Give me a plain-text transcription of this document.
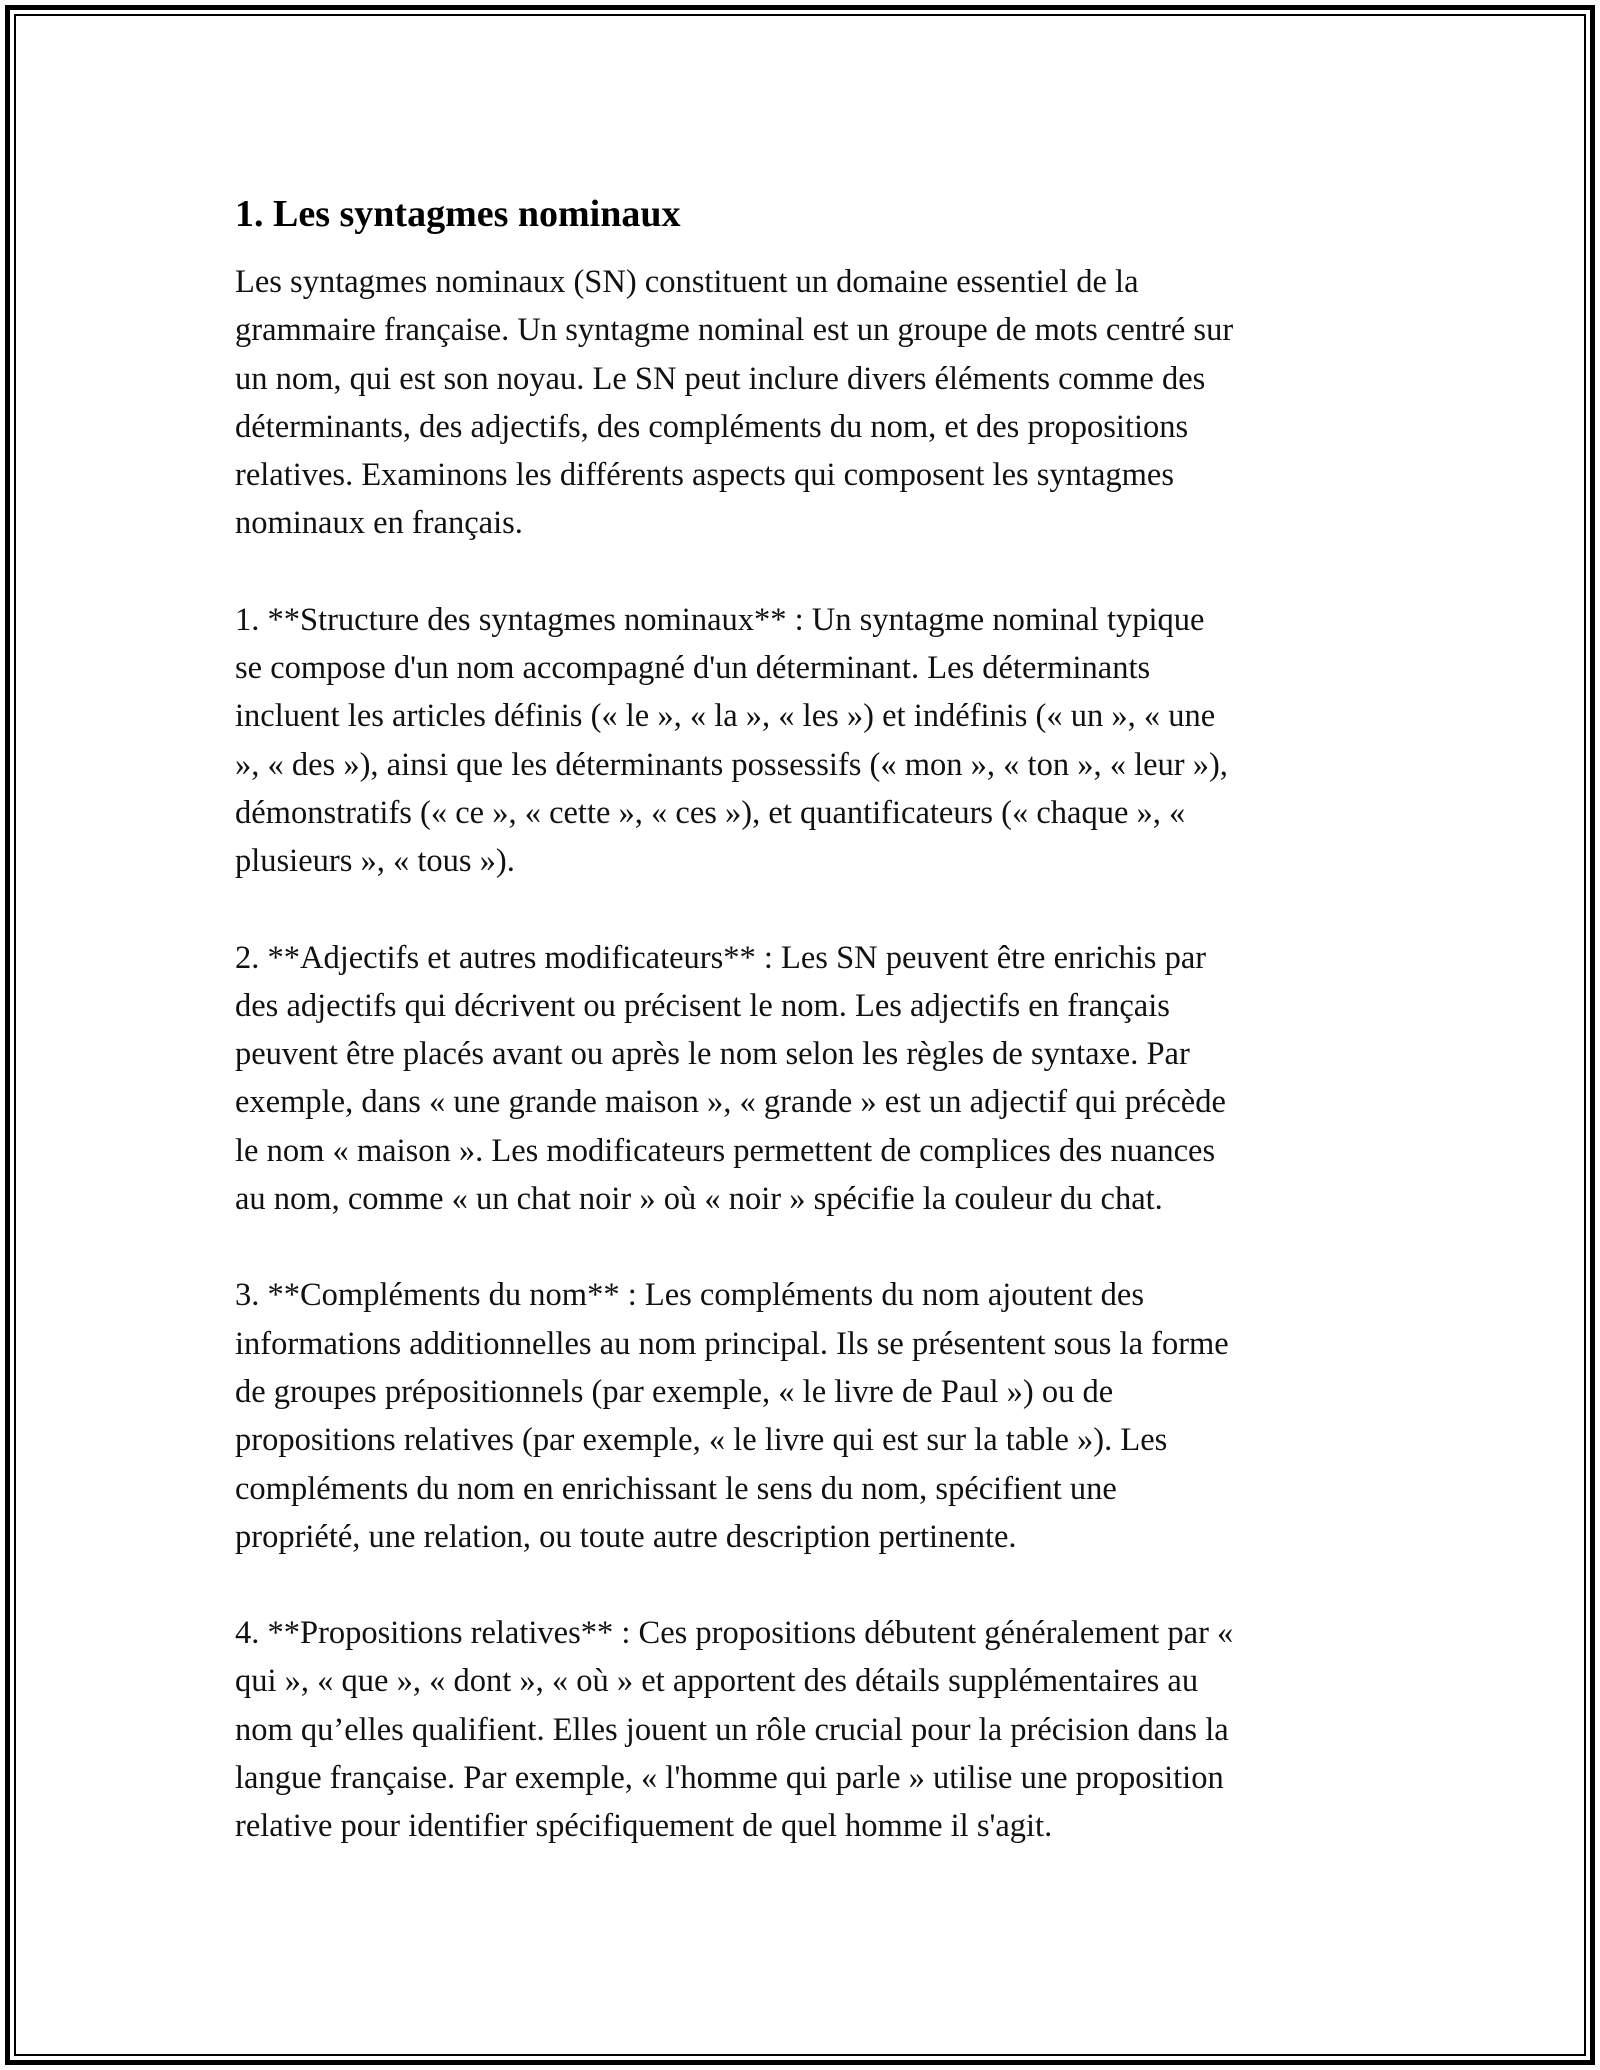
1. Les syntagmes nominaux

Les syntagmes nominaux (SN) constituent un domaine essentiel de la
grammaire française. Un syntagme nominal est un groupe de mots centré sur
un nom, qui est son noyau. Le SN peut inclure divers éléments comme des
déterminants, des adjectifs, des compléments du nom, et des propositions
relatives. Examinons les différents aspects qui composent les syntagmes
nominaux en français.

1. **Structure des syntagmes nominaux** : Un syntagme nominal typique
se compose d'un nom accompagné d'un déterminant. Les déterminants
incluent les articles définis (« le », « la », « les ») et indéfinis (« un », « une
», « des »), ainsi que les déterminants possessifs (« mon », « ton », « leur »),
démonstratifs (« ce », « cette », « ces »), et quantificateurs (« chaque », «
plusieurs », « tous »).

2. **Adjectifs et autres modificateurs** : Les SN peuvent être enrichis par
des adjectifs qui décrivent ou précisent le nom. Les adjectifs en français
peuvent être placés avant ou après le nom selon les règles de syntaxe. Par
exemple, dans « une grande maison », « grande » est un adjectif qui précède
le nom « maison ». Les modificateurs permettent de complices des nuances
au nom, comme « un chat noir » où « noir » spécifie la couleur du chat.

3. **Compléments du nom** : Les compléments du nom ajoutent des
informations additionnelles au nom principal. Ils se présentent sous la forme
de groupes prépositionnels (par exemple, « le livre de Paul ») ou de
propositions relatives (par exemple, « le livre qui est sur la table »). Les
compléments du nom en enrichissant le sens du nom, spécifient une
propriété, une relation, ou toute autre description pertinente.

4. **Propositions relatives** : Ces propositions débutent généralement par «
qui », « que », « dont », « où » et apportent des détails supplémentaires au
nom qu’elles qualifient. Elles jouent un rôle crucial pour la précision dans la
langue française. Par exemple, « l'homme qui parle » utilise une proposition
relative pour identifier spécifiquement de quel homme il s'agit.
